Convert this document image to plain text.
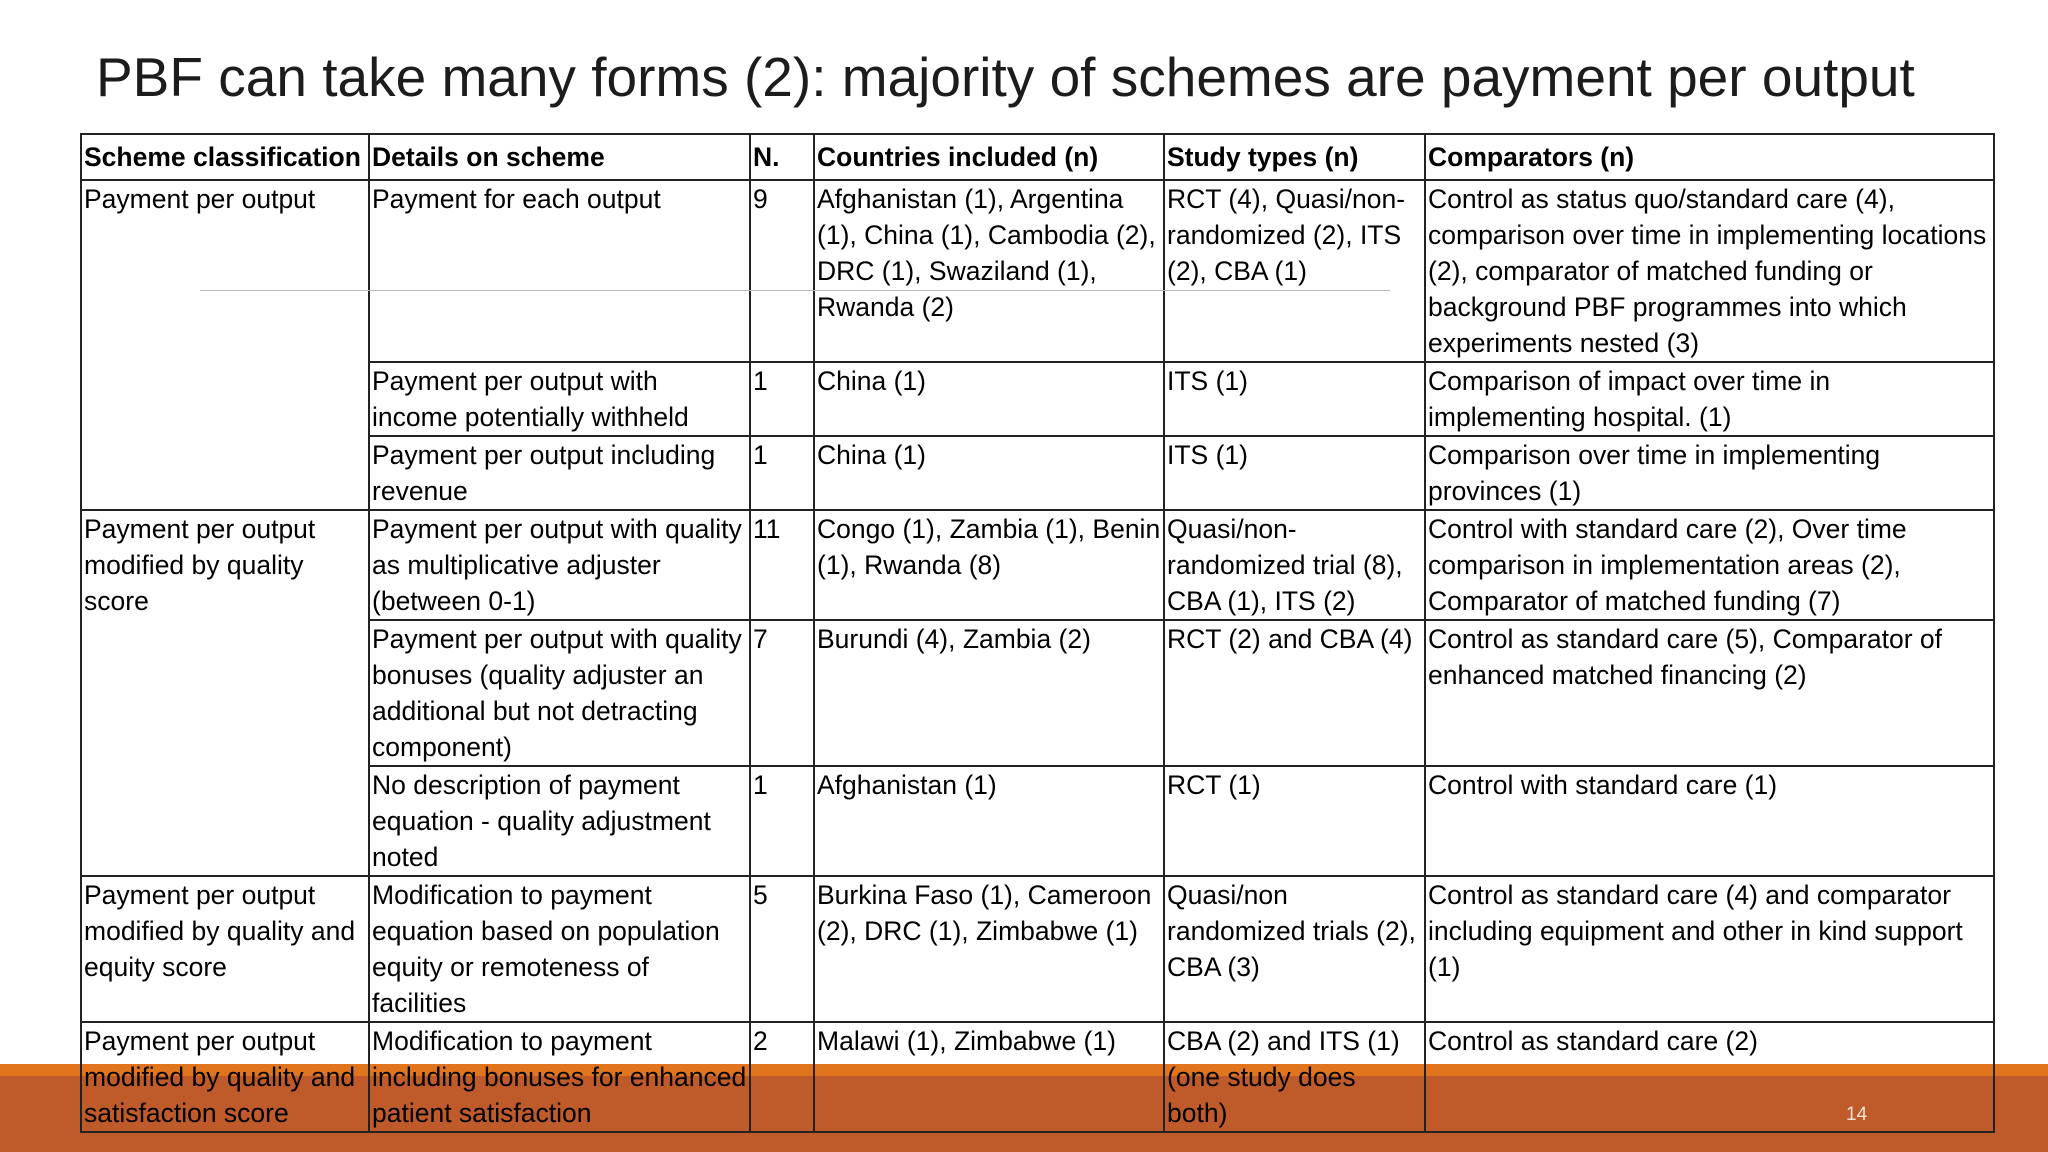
PBF can take many forms (2): majority of schemes are payment per output
Scheme classification	Details on scheme	N.	Countries included (n)	Study types (n)	Comparators (n)
Payment per output	Payment for each output	9	Afghanistan (1), Argentina (1), China (1), Cambodia (2), DRC (1), Swaziland (1), Rwanda (2)	RCT (4), Quasi/non-randomized (2), ITS (2), CBA (1)	Control as status quo/standard care (4), comparison over time in implementing locations (2), comparator of matched funding or background PBF programmes into which experiments nested (3)
	Payment per output with income potentially withheld	1	China (1)	ITS (1)	Comparison of impact over time in implementing hospital. (1)
	Payment per output including revenue	1	China (1)	ITS (1)	Comparison over time in implementing provinces (1)
Payment per output modified by quality score	Payment per output with quality as multiplicative adjuster (between 0-1)	11	Congo (1), Zambia (1), Benin (1), Rwanda (8)	Quasi/non-randomized trial (8), CBA (1), ITS (2)	Control with standard care (2), Over time comparison in implementation areas (2), Comparator of matched funding (7)
	Payment per output with quality bonuses (quality adjuster an additional but not detracting component)	7	Burundi (4), Zambia (2)	RCT (2) and CBA (4)	Control as standard care (5), Comparator of enhanced matched financing (2)
	No description of payment equation - quality adjustment noted	1	Afghanistan (1)	RCT (1)	Control with standard care (1)
Payment per output modified by quality and equity score	Modification to payment equation based on population equity or remoteness of facilities	5	Burkina Faso (1), Cameroon (2), DRC (1), Zimbabwe (1)	Quasi/non randomized trials (2), CBA (3)	Control as standard care (4) and comparator including equipment and other in kind support (1)
Payment per output modified by quality and satisfaction score	Modification to payment including bonuses for enhanced patient satisfaction	2	Malawi (1), Zimbabwe (1)	CBA (2) and ITS (1) (one study does both)	Control as standard care (2)
14
